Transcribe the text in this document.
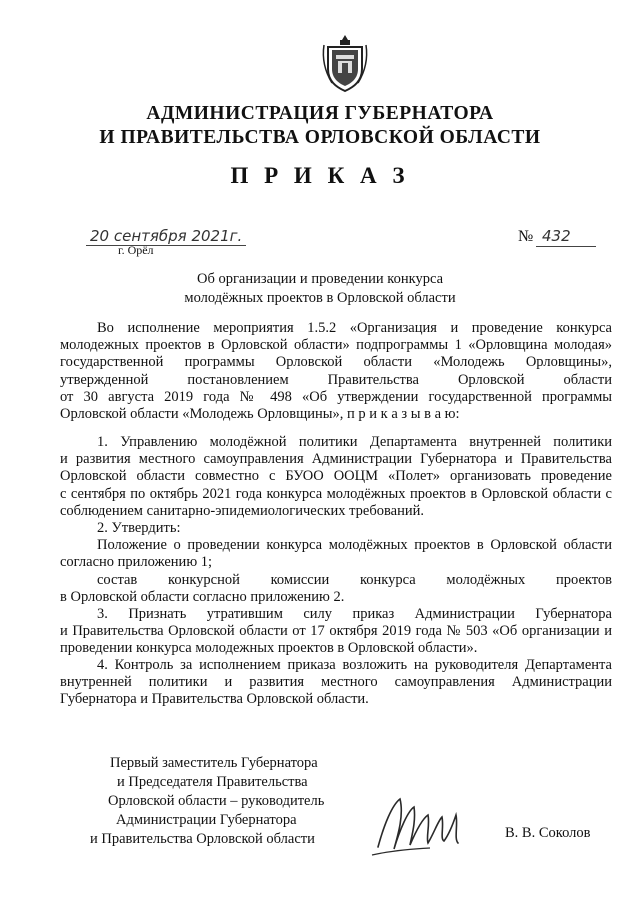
АДМИНИСТРАЦИЯ ГУБЕРНАТОРА
И ПРАВИТЕЛЬСТВА ОРЛОВСКОЙ ОБЛАСТИ
П Р И К А З
20 сентября 2021г.
г. Орёл
№ 432
Об организации и проведении конкурса
молодёжных проектов в Орловской области

Во исполнение мероприятия 1.5.2 «Организация и проведение конкурса

молодежных проектов в Орловской области» подпрограммы 1 «Орловщина молодая»

государственной программы Орловской области «Молодежь Орловщины»,

утвержденной постановлением Правительства Орловской области

от 30 августа 2019 года № 498 «Об утверждении государственной программы

Орловской области «Молодежь Орловщины», п р и к а з ы в а ю:

1. Управлению молодёжной политики Департамента внутренней политики

и развития местного самоуправления Администрации Губернатора и Правительства

Орловской области совместно с БУОО ООЦМ «Полет» организовать проведение

с сентября по октябрь 2021 года конкурса молодёжных проектов в Орловской области с

соблюдением санитарно-эпидемиологических требований.

2. Утвердить:

Положение о проведении конкурса молодёжных проектов в Орловской области

согласно приложению 1;

состав конкурсной комиссии конкурса молодёжных проектов

в Орловской области согласно приложению 2.

3. Признать утратившим силу приказ Администрации Губернатора

и Правительства Орловской области от 17 октября 2019 года № 503 «Об организации и

проведении конкурса молодежных проектов в Орловской области».

4. Контроль за исполнением приказа возложить на руководителя Департамента

внутренней политики и развития местного самоуправления Администрации

Губернатора и Правительства Орловской области.

Первый заместитель Губернатора
и Председателя Правительства
Орловской области – руководитель
Администрации Губернатора
и Правительства Орловской области	В. В. Соколов
